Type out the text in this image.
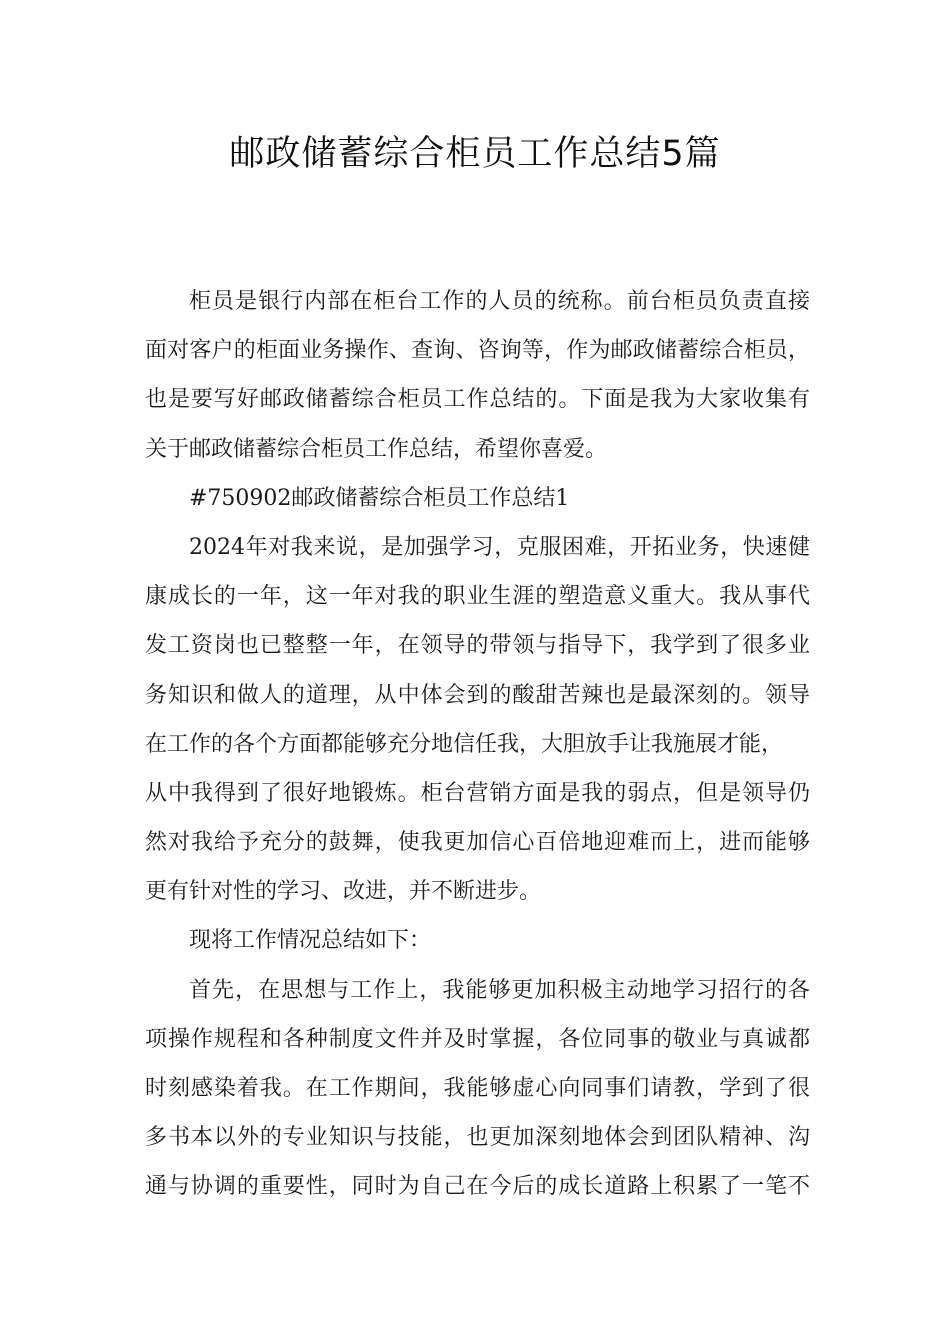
邮政储蓄综合柜员工作总结5篇
柜员是银行内部在柜台工作的人员的统称。前台柜员负责直接
面对客户的柜面业务操作、查询、咨询等，作为邮政储蓄综合柜员，
也是要写好邮政储蓄综合柜员工作总结的。下面是我为大家收集有
关于邮政储蓄综合柜员工作总结，希望你喜爱。
#750902邮政储蓄综合柜员工作总结1
2024年对我来说，是加强学习，克服困难，开拓业务，快速健
康成长的一年，这一年对我的职业生涯的塑造意义重大。我从事代
发工资岗也已整整一年，在领导的带领与指导下，我学到了很多业
务知识和做人的道理，从中体会到的酸甜苦辣也是最深刻的。领导
在工作的各个方面都能够充分地信任我，大胆放手让我施展才能，
从中我得到了很好地锻炼。柜台营销方面是我的弱点，但是领导仍
然对我给予充分的鼓舞，使我更加信心百倍地迎难而上，进而能够
更有针对性的学习、改进，并不断进步。
现将工作情况总结如下：
首先，在思想与工作上，我能够更加积极主动地学习招行的各
项操作规程和各种制度文件并及时掌握，各位同事的敬业与真诚都
时刻感染着我。在工作期间，我能够虚心向同事们请教，学到了很
多书本以外的专业知识与技能，也更加深刻地体会到团队精神、沟
通与协调的重要性，同时为自己在今后的成长道路上积累了一笔不
